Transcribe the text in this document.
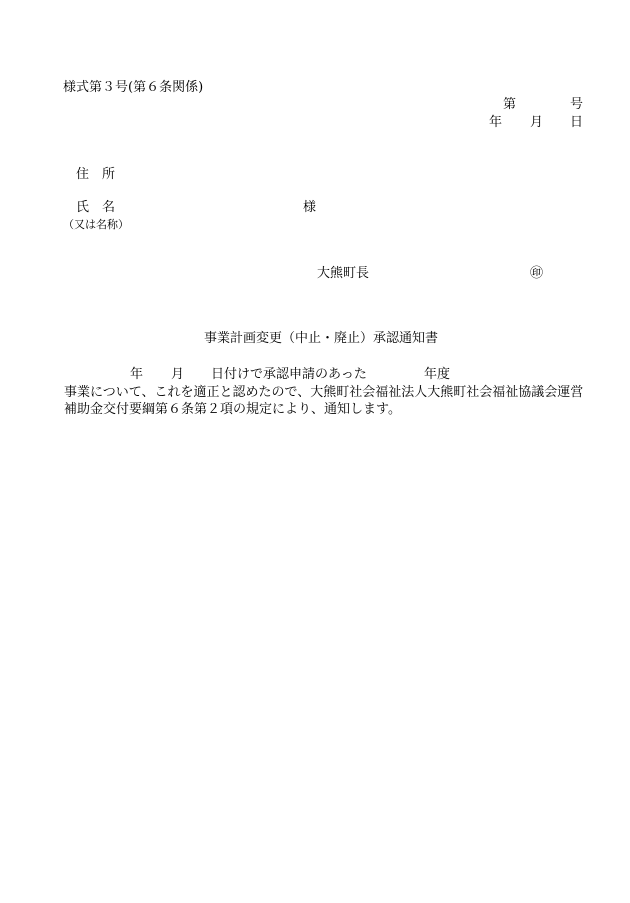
様式第３号(第６条関係)
第	号
年 月 日
住　所
氏　名	様
（又は名称）
大熊町長	㊞
事業計画変更（中止・廃止）承認通知書
年 月 日付けで承認申請のあった	年度
事業について、これを適正と認めたので、大熊町社会福祉法人大熊町社会福祉協議会運営補助金交付要綱第６条第２項の規定により、通知します。
